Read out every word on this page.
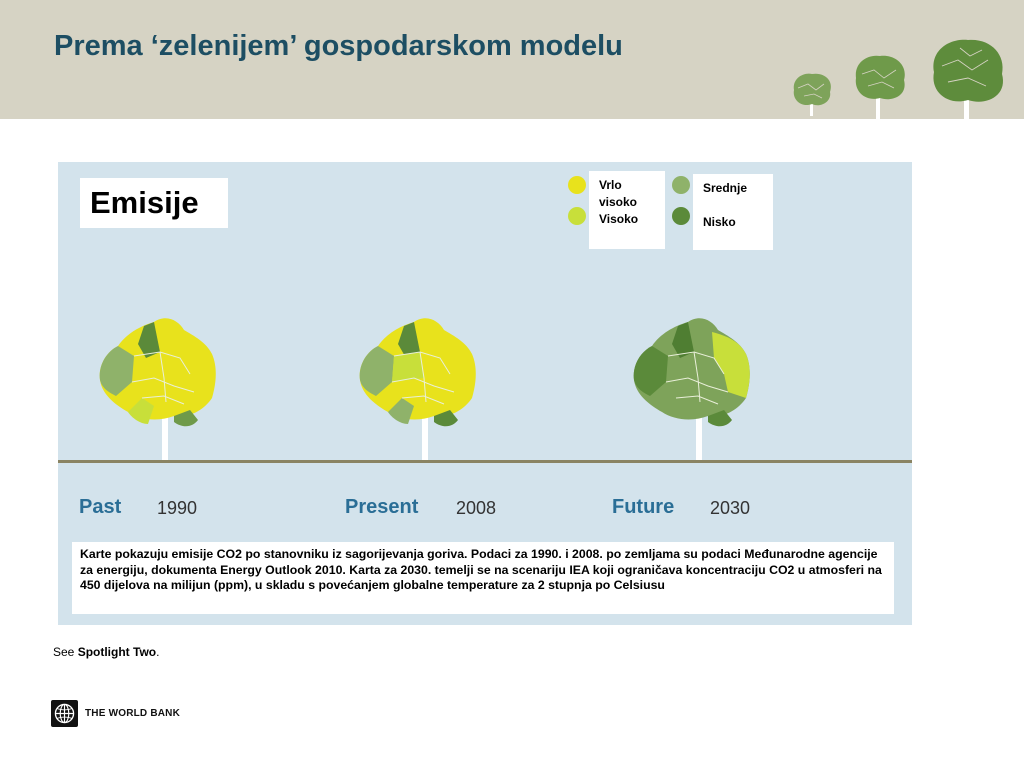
Prema ‘zelenijem’ gospodarskom modelu
Emisije	Vrlo visoko
Visoko
Srednje
Nisko
Past 1990	Present 2008	Future 2030
Karte pokazuju emisije CO2 po stanovniku iz sagorijevanja goriva. Podaci za 1990. i 2008. po zemljama su podaci Međunarodne agencije za energiju, dokumenta Energy Outlook 2010. Karta za 2030. temelji se na scenariju IEA koji ograničava koncentraciju CO2 u atmosferi na 450 dijelova na milijun (ppm), u skladu s povećanjem globalne temperature za 2 stupnja po Celsiusu
See Spotlight Two.
THE WORLD BANK
